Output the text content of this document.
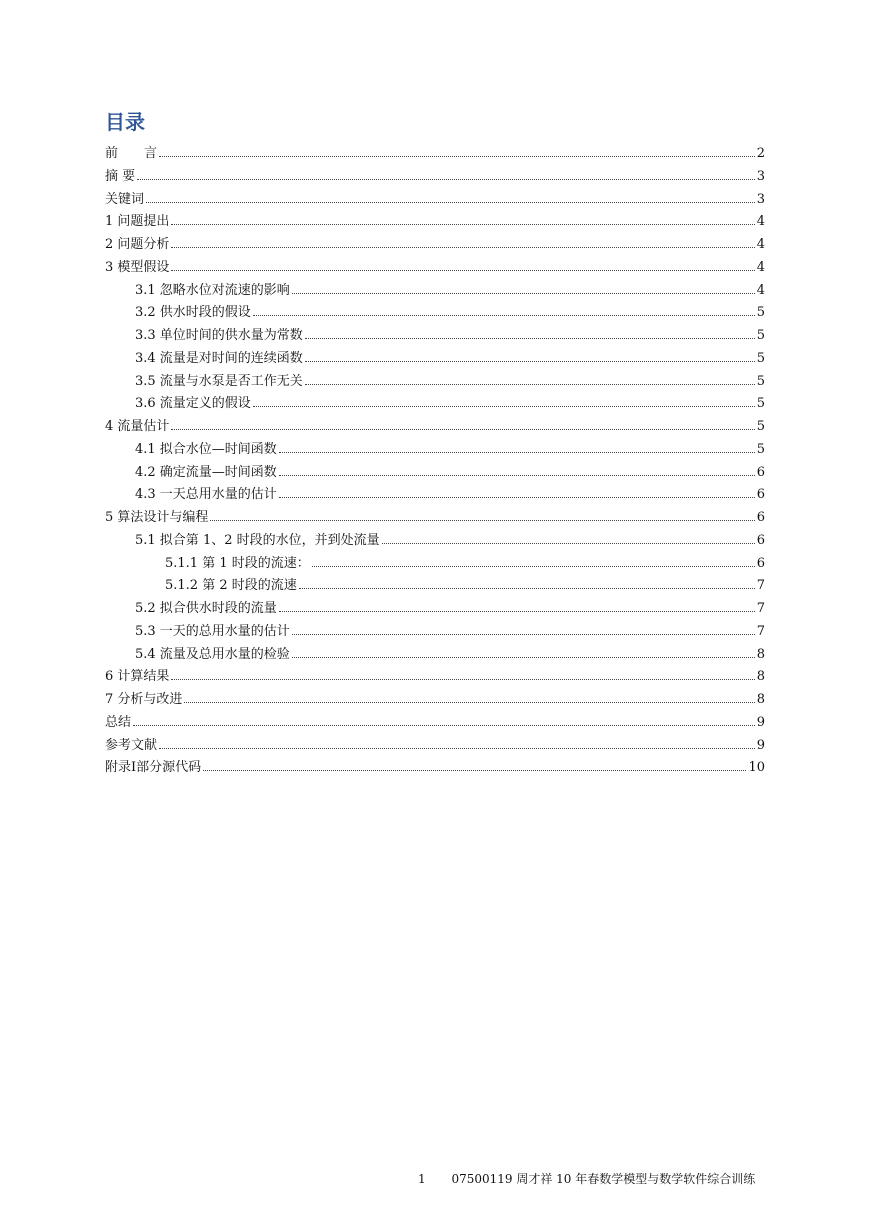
目录
前　　言	2
摘 要	3
关键词	3
1 问题提出	4
2 问题分析	4
3 模型假设	4
3.1 忽略水位对流速的影响	4
3.2 供水时段的假设	5
3.3 单位时间的供水量为常数	5
3.4 流量是对时间的连续函数	5
3.5 流量与水泵是否工作无关	5
3.6 流量定义的假设	5
4 流量估计	5
4.1 拟合水位—时间函数	5
4.2 确定流量—时间函数	6
4.3 一天总用水量的估计	6
5 算法设计与编程	6
5.1 拟合第 1、2 时段的水位，并到处流量	6
5.1.1 第 1 时段的流速：	6
5.1.2 第 2 时段的流速	7
5.2 拟合供水时段的流量	7
5.3 一天的总用水量的估计	7
5.4 流量及总用水量的检验	8
6 计算结果	8
7 分析与改进	8
总结	9
参考文献	9
附录Ⅰ部分源代码	10
1 07500119 周才祥 10 年春数学模型与数学软件综合训练
